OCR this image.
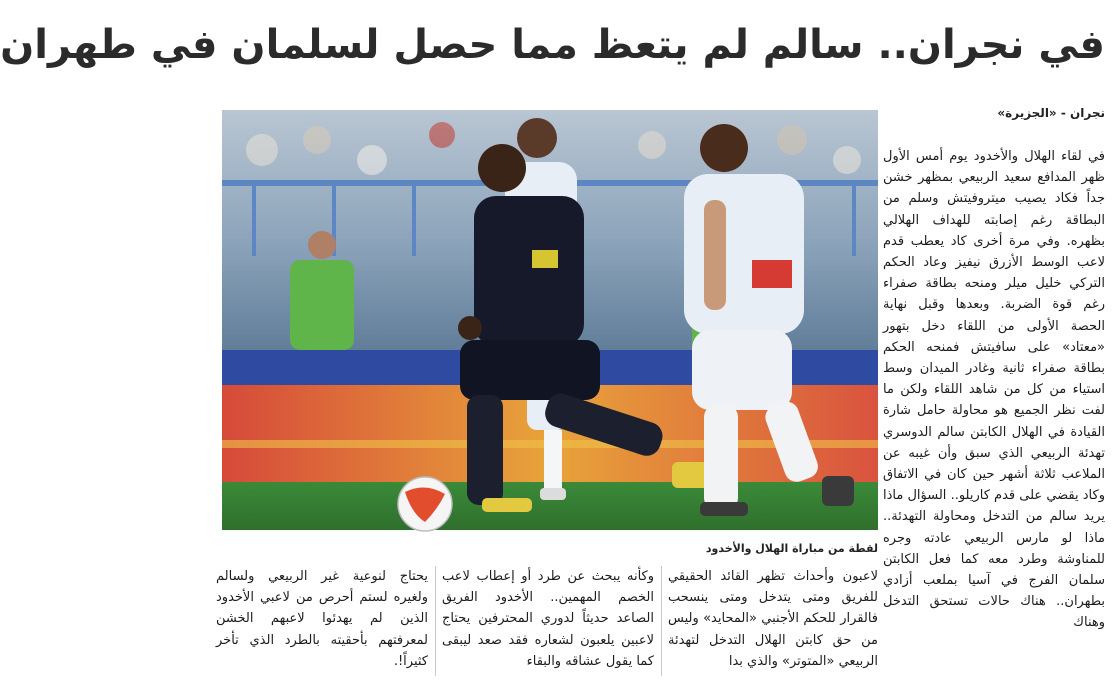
في نجران.. سالم لم يتعظ مما حصل لسلمان في طهران
نجران - «الجزيرة»
لقطة من مباراة الهلال والأخدود

في لقاء الهلال والأخدود يوم أمس الأول ظهر المدافع سعيد الربيعي بمظهر خشن جداً فكاد يصيب ميتروفيتش وسلم من البطاقة رغم إصابته للهداف الهلالي بظهره. وفي مرة أخرى كاد يعطب قدم لاعب الوسط الأزرق نيفيز وعاد الحكم التركي خليل ميلر ومنحه بطاقة صفراء رغم قوة الضربة. وبعدها وقبل نهاية الحصة الأولى من اللقاء دخل بتهور «معتاد» على سافيتش فمنحه الحكم بطاقة صفراء ثانية وغادر الميدان وسط استياء من كل من شاهد اللقاء ولكن ما لفت نظر الجميع هو محاولة حامل شارة القيادة في الهلال الكابتن سالم الدوسري تهدئة الربيعي الذي سبق وأن غيبه عن الملاعب ثلاثة أشهر حين كان في الاتفاق وكاد يقضي على قدم كاريلو.. السؤال ماذا يريد سالم من التدخل ومحاولة التهدئة.. ماذا لو مارس الربيعي عادته وجره للمناوشة وطرد معه كما فعل الكابتن سلمان الفرج في آسيا بملعب أزادي بطهران.. هناك حالات تستحق التدخل وهناك

لاعبون وأحداث تظهر القائد الحقيقي للفريق ومتى يتدخل ومتى ينسحب فالقرار للحكم الأجنبي «المحايد» وليس من حق كابتن الهلال التدخل لتهدئة الربيعي «المتوتر» والذي بدا

وكأنه يبحث عن طرد أو إعطاب لاعب الخصم المهمين.. الأخدود الفريق الصاعد حديثاً لدوري المحترفين يحتاج لاعبين يلعبون لشعاره فقد صعد ليبقى كما يقول عشاقه والبقاء

يحتاج لنوعية غير الربيعي ولسالم ولغيره لستم أحرص من لاعبي الأخدود الذين لم يهدئوا لاعبهم الخشن لمعرفتهم بأحقيته بالطرد الذي تأخر كثيراً!.
